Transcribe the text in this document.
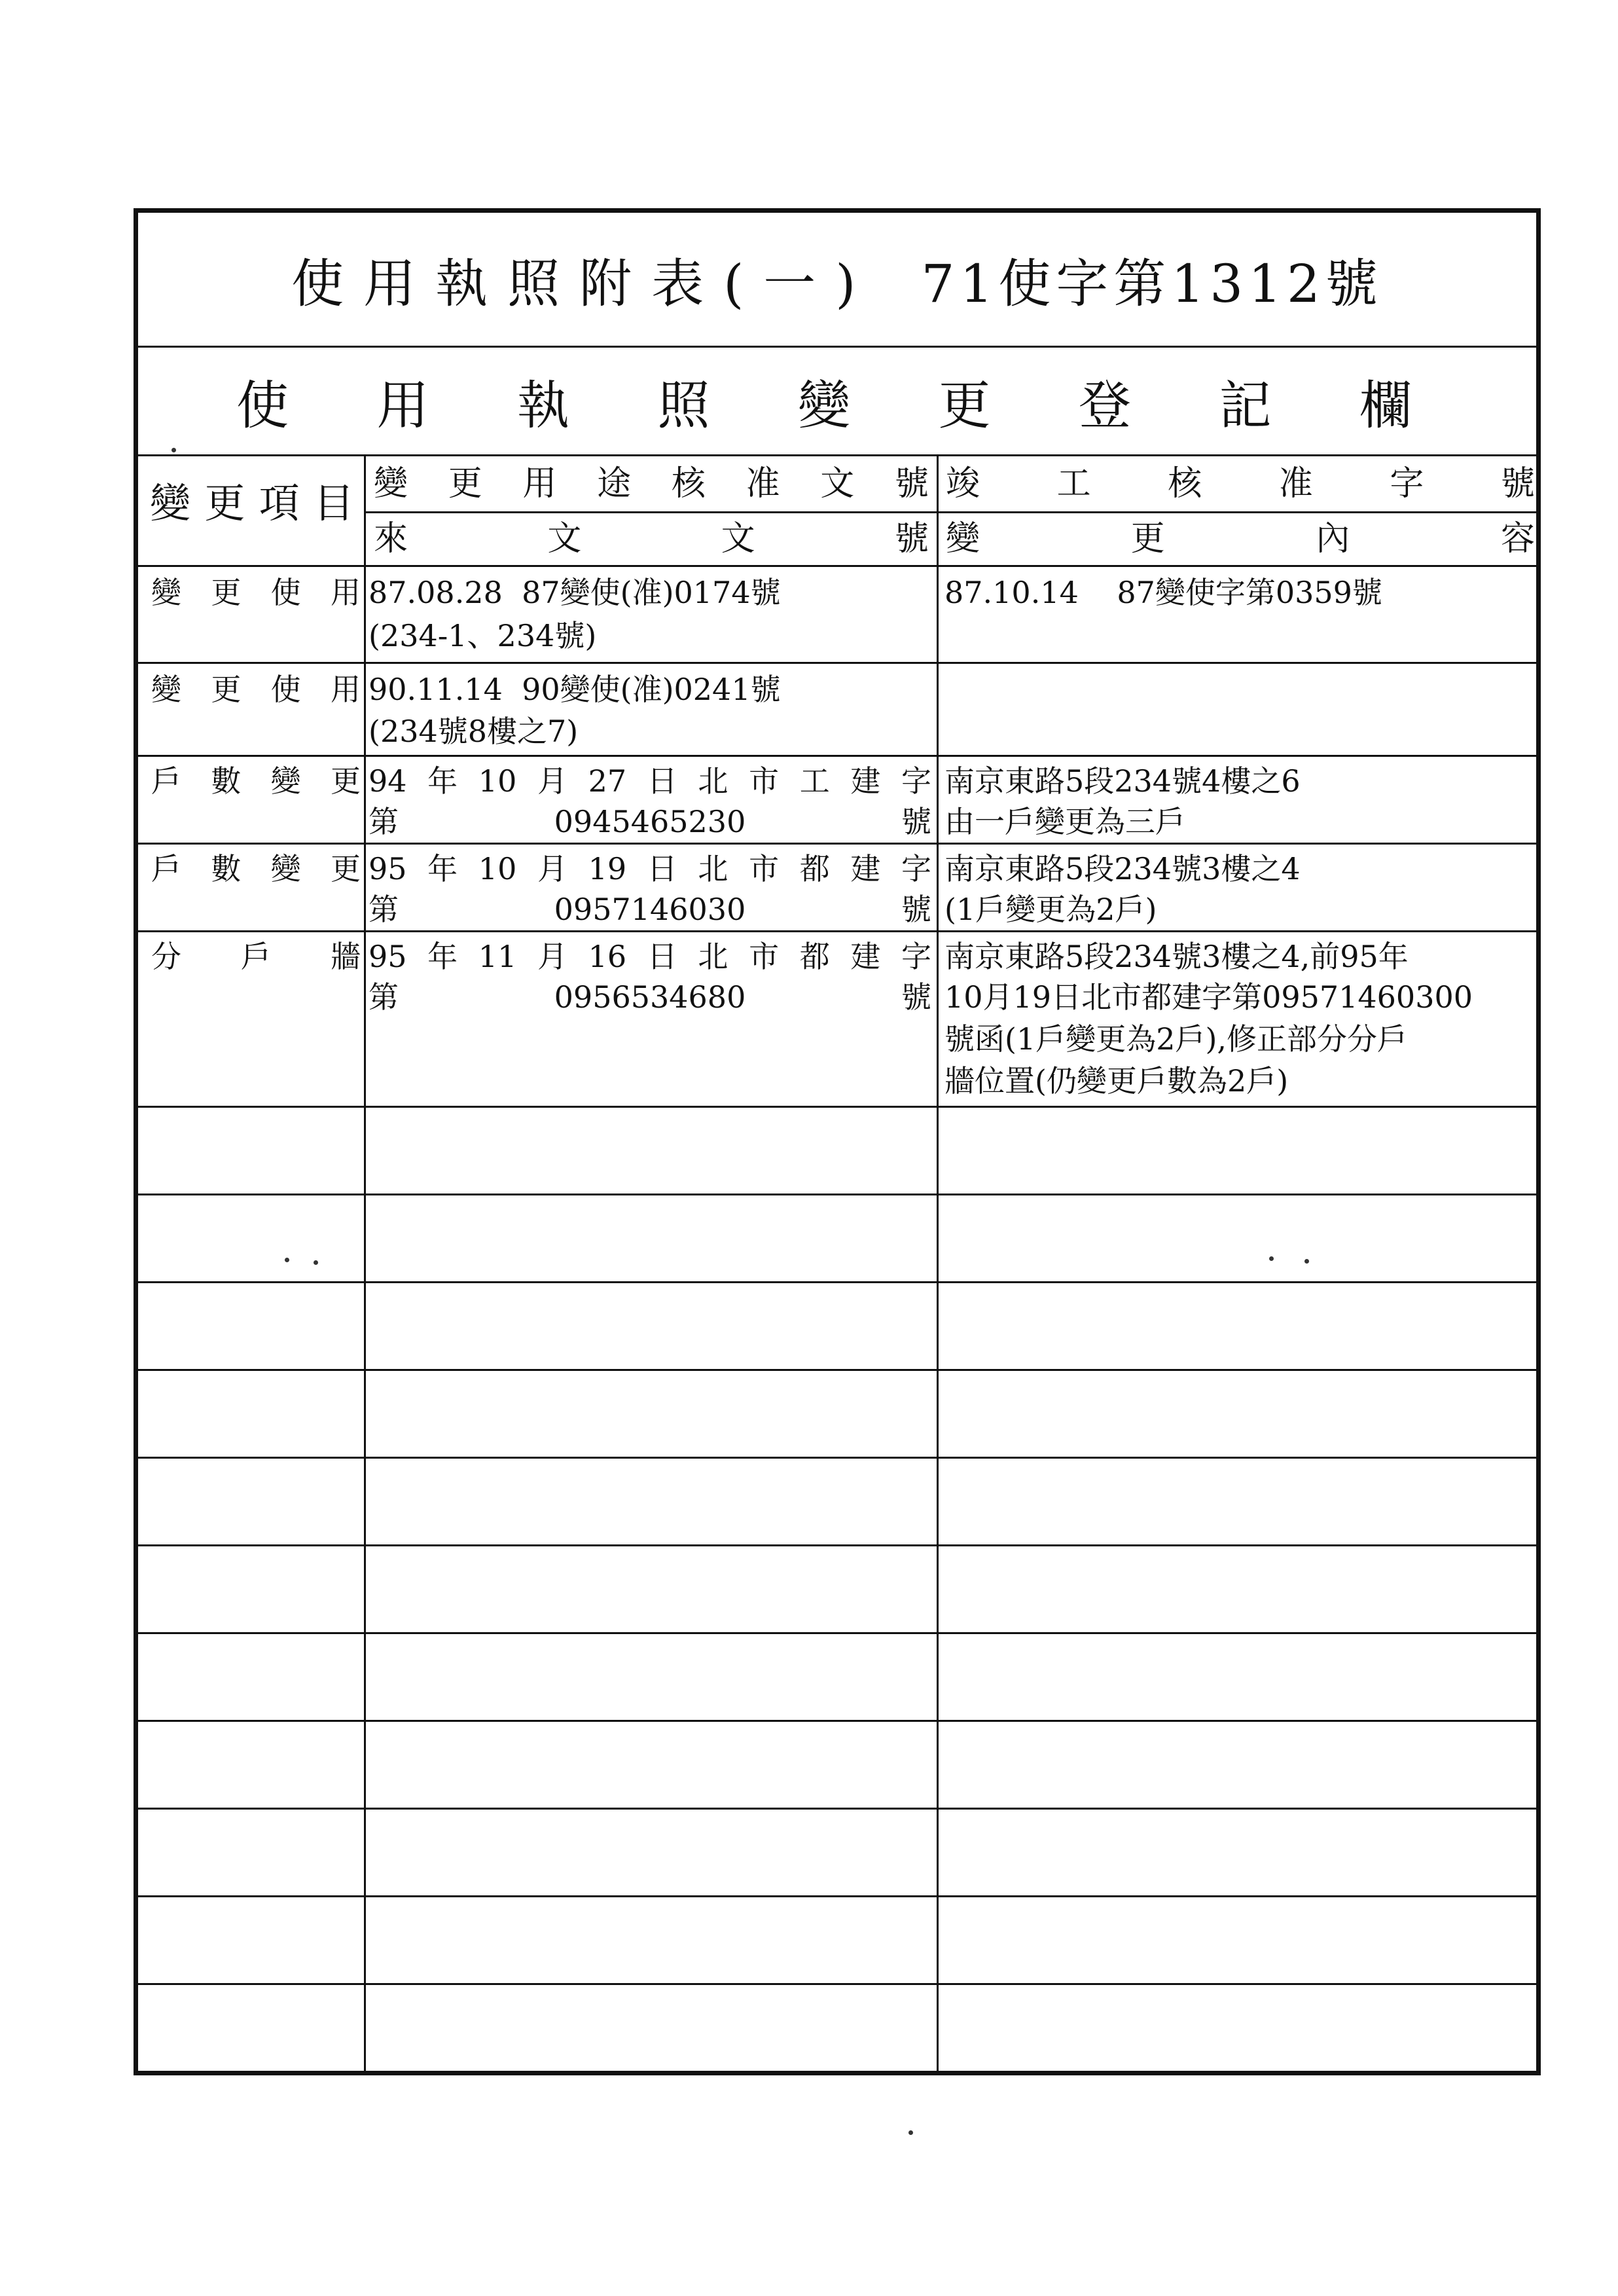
使用執照附表(一) 71使字第1312號
使用執照變更登記欄
變更項目 變更用途核准文號 竣工核准字號
來文文號 變更內容
變更使用 87.08.28  87變使(准)0174號
(234-1、234號)
87.10.14    87變使字第0359號
變更使用 90.11.14  90變使(准)0241號
(234號8樓之7)
戶數變更 94年10月27日北市工建字
第0945465230號
南京東路5段234號4樓之6
由一戶變更為三戶
戶數變更 95年10月19日北市都建字
第0957146030號
南京東路5段234號3樓之4
(1戶變更為2戶)
分戶牆 95年11月16日北市都建字
第0956534680號
南京東路5段234號3樓之4,前95年
10月19日北市都建字第09571460300
號函(1戶變更為2戶),修正部分分戶
牆位置(仍變更戶數為2戶)
